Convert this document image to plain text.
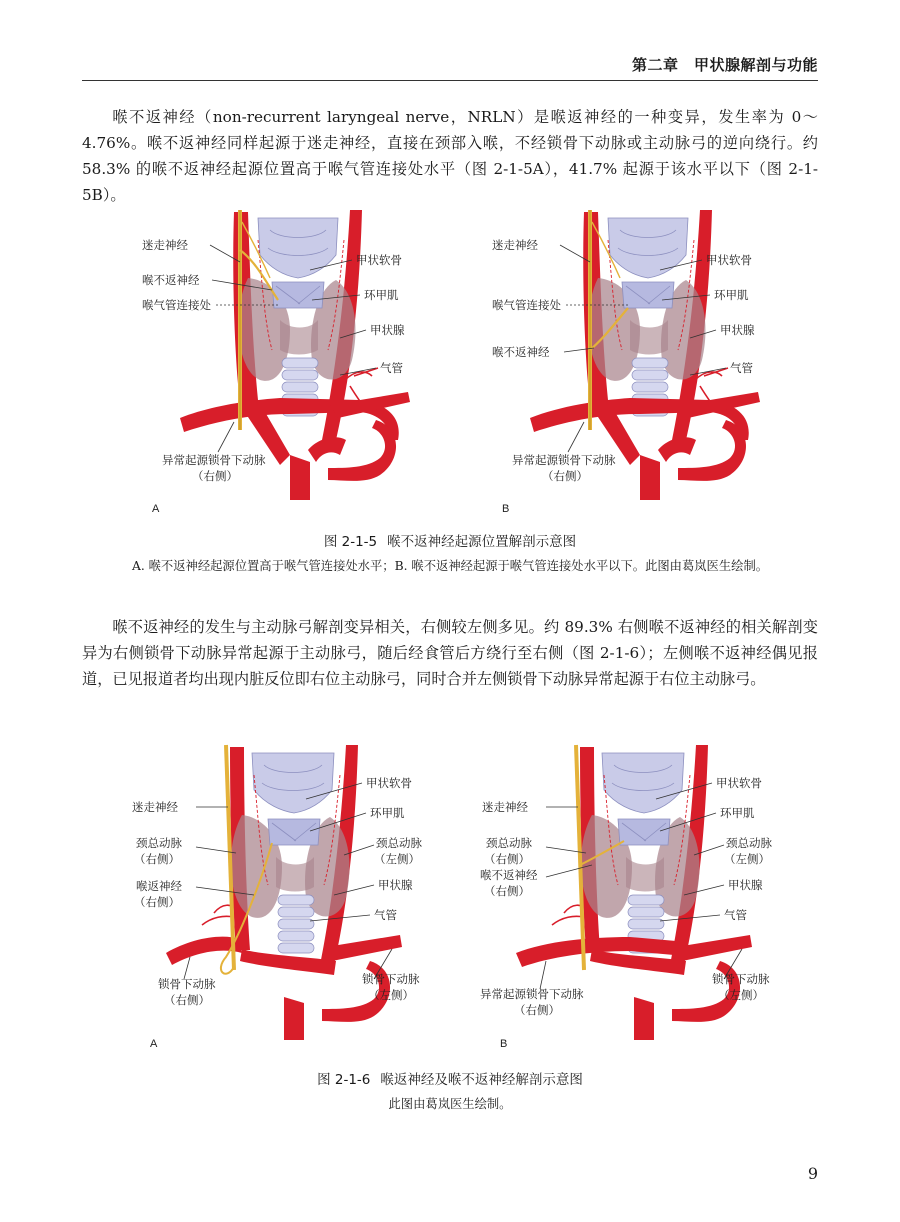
第二章　甲状腺解剖与功能

喉不返神经（non-recurrent laryngeal nerve，NRLN）是喉返神经的一种变异，发生率为 0～4.76%。喉不返神经同样起源于迷走神经，直接在颈部入喉，不经锁骨下动脉或主动脉弓的逆向绕行。约 58.3% 的喉不返神经起源位置高于喉气管连接处水平（图 2-1-5A），41.7% 起源于该水平以下（图 2-1-5B）。

迷走神经
喉不返神经
喉气管连接处
甲状软骨
环甲肌
甲状腺
气管
异常起源锁骨下动脉
（右侧）
A
迷走神经
喉气管连接处
喉不返神经
甲状软骨
环甲肌
甲状腺
气管
异常起源锁骨下动脉
（右侧）
B
图 2-1-5 喉不返神经起源位置解剖示意图
A. 喉不返神经起源位置高于喉气管连接处水平；B. 喉不返神经起源于喉气管连接处水平以下。此图由葛岚医生绘制。

喉不返神经的发生与主动脉弓解剖变异相关，右侧较左侧多见。约 89.3% 右侧喉不返神经的相关解剖变异为右侧锁骨下动脉异常起源于主动脉弓，随后经食管后方绕行至右侧（图 2-1-6）；左侧喉不返神经偶见报道，已见报道者均出现内脏反位即右位主动脉弓，同时合并左侧锁骨下动脉异常起源于右位主动脉弓。

迷走神经
颈总动脉
（右侧）
喉返神经
（右侧）
锁骨下动脉
（右侧）
甲状软骨
环甲肌
颈总动脉
（左侧）
甲状腺
气管
锁骨下动脉
（左侧）
A
迷走神经
颈总动脉
（右侧）
喉不返神经
（右侧）
异常起源锁骨下动脉
（右侧）
甲状软骨
环甲肌
颈总动脉
（左侧）
甲状腺
气管
锁骨下动脉
（左侧）
B
图 2-1-6 喉返神经及喉不返神经解剖示意图
此图由葛岚医生绘制。
9
